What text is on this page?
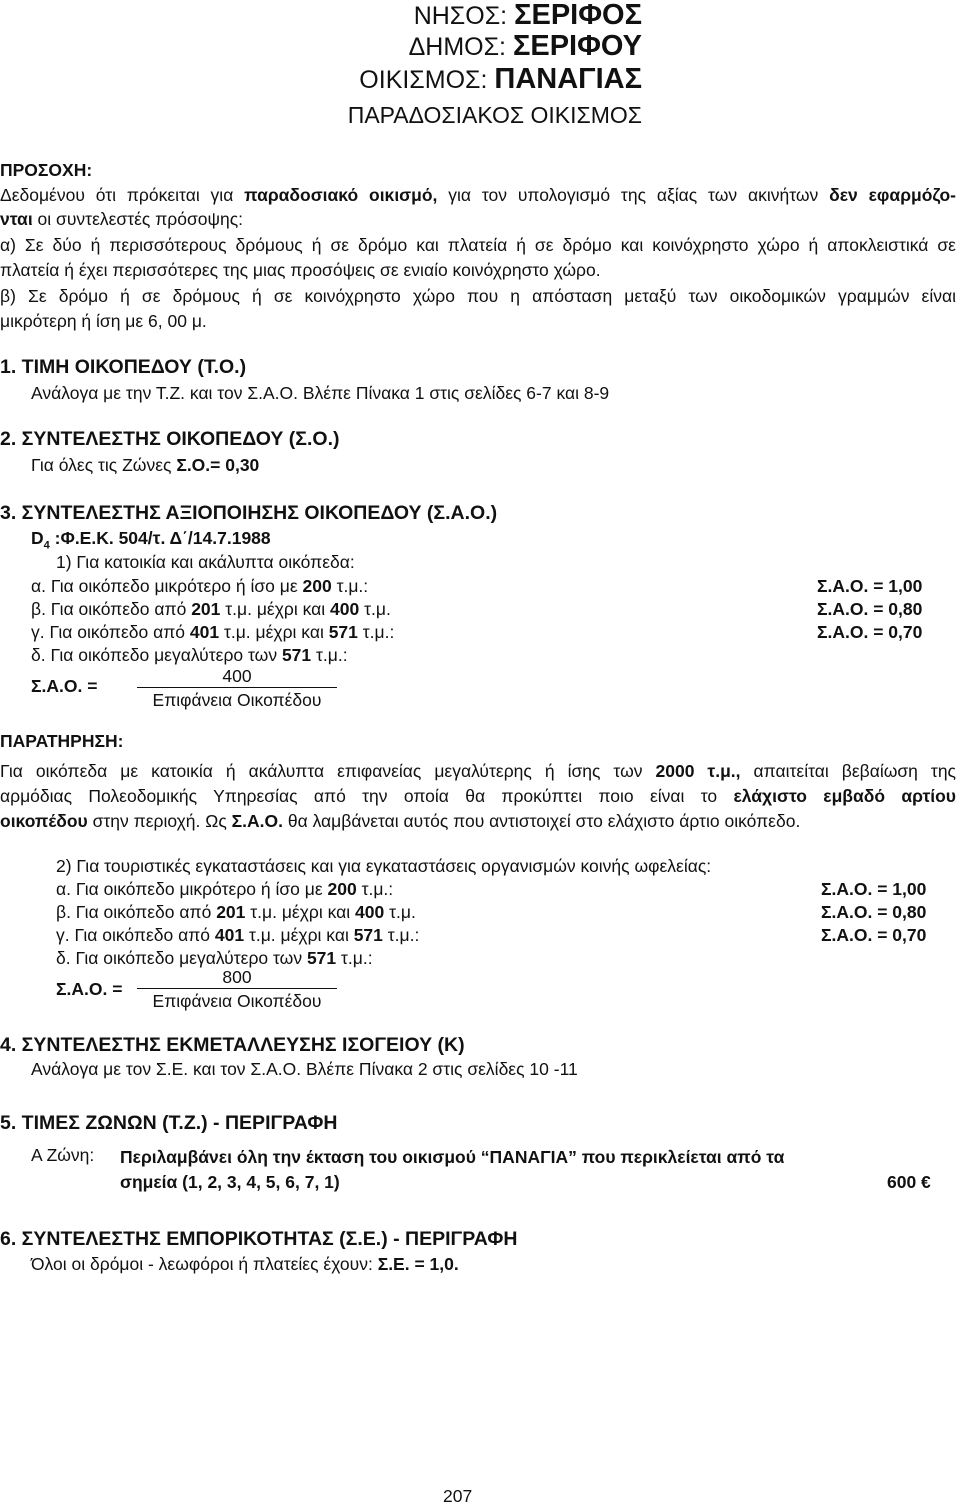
ΝΗΣΟΣ: ΣΕΡΙΦΟΣ
ΔΗΜΟΣ: ΣΕΡΙΦΟΥ
ΟΙΚΙΣΜΟΣ: ΠΑΝΑΓΙΑΣ
ΠΑΡΑΔΟΣΙΑΚΟΣ ΟΙΚΙΣΜΟΣ
ΠΡΟΣΟΧΗ:
Δεδομένου ότι πρόκειται για παραδοσιακό οικισμό, για τον υπολογισμό της αξίας των ακινήτων δεν εφαρμόζο-
νται οι συντελεστές πρόσοψης:
α) Σε δύο ή περισσότερους δρόμους ή σε δρόμο και πλατεία ή σε δρόμο και κοινόχρηστο χώρο ή αποκλειστικά σε
πλατεία ή έχει περισσότερες της μιας προσόψεις σε ενιαίο κοινόχρηστο χώρο.
β) Σε δρόμο ή σε δρόμους ή σε κοινόχρηστο χώρο που η απόσταση μεταξύ των οικοδομικών γραμμών είναι
μικρότερη ή ίση με 6, 00 μ.
1. ΤΙΜΗ ΟΙΚΟΠΕΔΟΥ (Τ.Ο.)
Ανάλογα με την Τ.Ζ. και τον Σ.Α.Ο. Βλέπε Πίνακα 1 στις σελίδες 6-7 και 8-9
2. ΣΥΝΤΕΛΕΣΤΗΣ ΟΙΚΟΠΕΔΟΥ (Σ.Ο.)
Για όλες τις Ζώνες Σ.Ο.= 0,30
3. ΣΥΝΤΕΛΕΣΤΗΣ ΑΞΙΟΠΟΙΗΣΗΣ ΟΙΚΟΠΕΔΟΥ (Σ.Α.Ο.)
$D_4$ :Φ.Ε.Κ. 504/τ. Δ΄/14.7.1988
1) Για κατοικία και ακάλυπτα οικόπεδα:
α. Για οικόπεδο μικρότερο ή ίσο με 200 τ.μ.:	Σ.Α.Ο. = 1,00
β. Για οικόπεδο από 201 τ.μ. μέχρι και 400 τ.μ.	Σ.Α.Ο. = 0,80
γ. Για οικόπεδο από 401 τ.μ. μέχρι και 571 τ.μ.:	Σ.Α.Ο. = 0,70
δ. Για οικόπεδο μεγαλύτερο των 571 τ.μ.:
Σ.Α.Ο. =	400
Επιφάνεια Οικοπέδου
ΠΑΡΑΤΗΡΗΣΗ:
Για οικόπεδα με κατοικία ή ακάλυπτα επιφανείας μεγαλύτερης ή ίσης των 2000 τ.μ., απαιτείται βεβαίωση της
αρμόδιας Πολεοδομικής Υπηρεσίας από την οποία θα προκύπτει ποιο είναι το ελάχιστο εμβαδό αρτίου
οικοπέδου στην περιοχή. Ως Σ.Α.Ο. θα λαμβάνεται αυτός που αντιστοιχεί στο ελάχιστο άρτιο οικόπεδο.
2) Για τουριστικές εγκαταστάσεις και για εγκαταστάσεις οργανισμών κοινής ωφελείας:
α. Για οικόπεδο μικρότερο ή ίσο με 200 τ.μ.:	Σ.Α.Ο. = 1,00
β. Για οικόπεδο από 201 τ.μ. μέχρι και 400 τ.μ.	Σ.Α.Ο. = 0,80
γ. Για οικόπεδο από 401 τ.μ. μέχρι και 571 τ.μ.:	Σ.Α.Ο. = 0,70
δ. Για οικόπεδο μεγαλύτερο των 571 τ.μ.:
Σ.Α.Ο. =
800
Επιφάνεια Οικοπέδου
4. ΣΥΝΤΕΛΕΣΤΗΣ ΕΚΜΕΤΑΛΛΕΥΣΗΣ ΙΣΟΓΕΙΟΥ (Κ)
Ανάλογα με τον Σ.Ε. και τον Σ.Α.Ο. Βλέπε Πίνακα 2 στις σελίδες 10 -11
5. ΤΙΜΕΣ ΖΩΝΩΝ (Τ.Ζ.) - ΠΕΡΙΓΡΑΦΗ
Α Ζώνη: Περιλαμβάνει όλη την έκταση του οικισμού “ΠΑΝΑΓΙΑ” που περικλείεται από τα
σημεία (1, 2, 3, 4, 5, 6, 7, 1)	600 €
6. ΣΥΝΤΕΛΕΣΤΗΣ ΕΜΠΟΡΙΚΟΤΗΤΑΣ (Σ.Ε.) - ΠΕΡΙΓΡΑΦΗ
Όλοι οι δρόμοι - λεωφόροι ή πλατείες έχουν: Σ.Ε. = 1,0.
207
